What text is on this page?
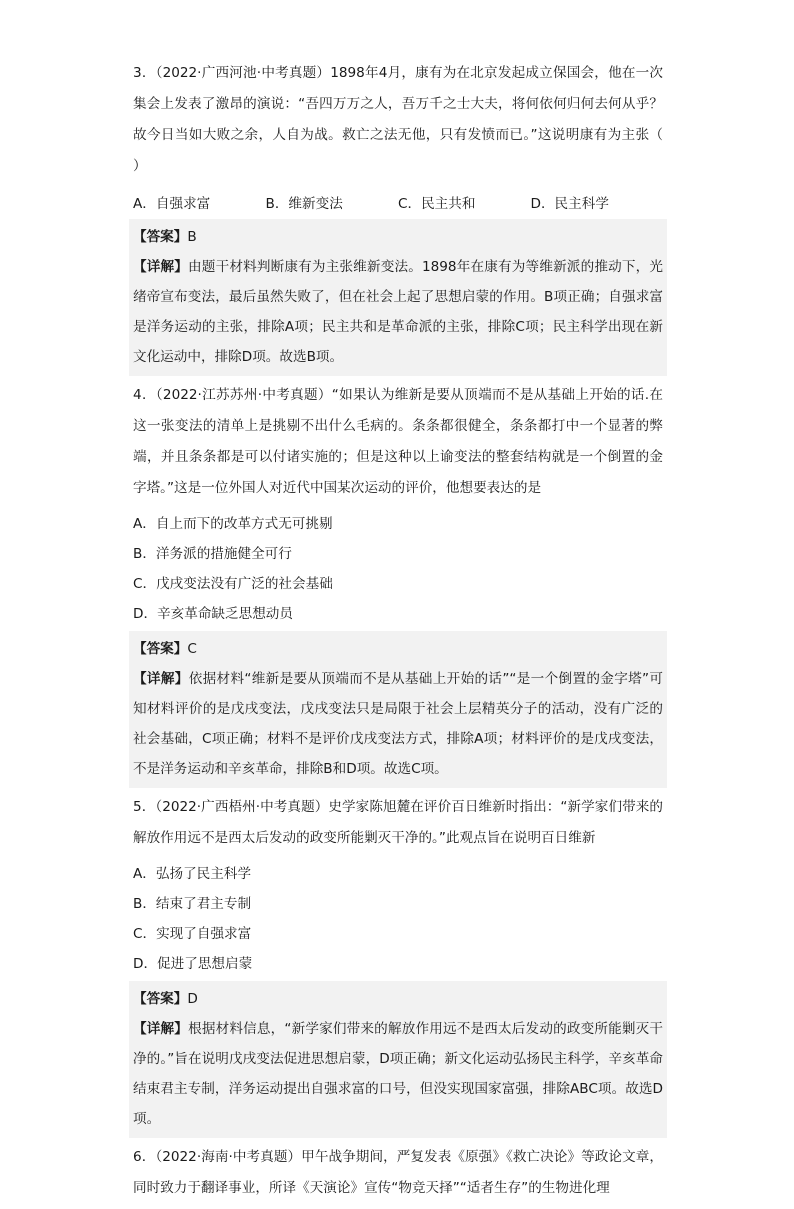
3．（2022·广西河池·中考真题）1898年4月，康有为在北京发起成立保国会，他在一次集会上发表了激昂的演说：“吾四万万之人，吾万千之士大夫，将何依何归何去何从乎？故今日当如大败之余，人自为战。救亡之法无他，只有发愤而已。”这说明康有为主张（　　）

A．自强求富	B．维新变法	C．民主共和	D．民主科学

【答案】B

【详解】由题干材料判断康有为主张维新变法。1898年在康有为等维新派的推动下，光绪帝宣布变法，最后虽然失败了，但在社会上起了思想启蒙的作用。B项正确；自强求富是洋务运动的主张，排除A项；民主共和是革命派的主张，排除C项；民主科学出现在新文化运动中，排除D项。故选B项。

4．（2022·江苏苏州·中考真题）“如果认为维新是要从顶端而不是从基础上开始的话.在这一张变法的清单上是挑剔不出什么毛病的。条条都很健全，条条都打中一个显著的弊端，并且条条都是可以付诸实施的；但是这种以上谕变法的整套结构就是一个倒置的金字塔。”这是一位外国人对近代中国某次运动的评价，他想要表达的是

A．自上而下的改革方式无可挑剔
B．洋务派的措施健全可行
C．戊戌变法没有广泛的社会基础
D．辛亥革命缺乏思想动员

【答案】C

【详解】依据材料“维新是要从顶端而不是从基础上开始的话”“是一个倒置的金字塔”可知材料评价的是戊戌变法，戊戌变法只是局限于社会上层精英分子的活动，没有广泛的社会基础，C项正确；材料不是评价戊戌变法方式，排除A项；材料评价的是戊戌变法，不是洋务运动和辛亥革命，排除B和D项。故选C项。

5．（2022·广西梧州·中考真题）史学家陈旭麓在评价百日维新时指出：“新学家们带来的解放作用远不是西太后发动的政变所能剿灭干净的。”此观点旨在说明百日维新

A．弘扬了民主科学
B．结束了君主专制
C．实现了自强求富
D．促进了思想启蒙

【答案】D

【详解】根据材料信息，“新学家们带来的解放作用远不是西太后发动的政变所能剿灭干净的。”旨在说明戊戌变法促进思想启蒙，D项正确；新文化运动弘扬民主科学，辛亥革命结束君主专制，洋务运动提出自强求富的口号，但没实现国家富强，排除ABC项。故选D项。

6．（2022·海南·中考真题）甲午战争期间，严复发表《原强》《救亡决论》等政论文章，同时致力于翻译事业，所译《天演论》宣传“物竞天择”“适者生存”的生物进化理
